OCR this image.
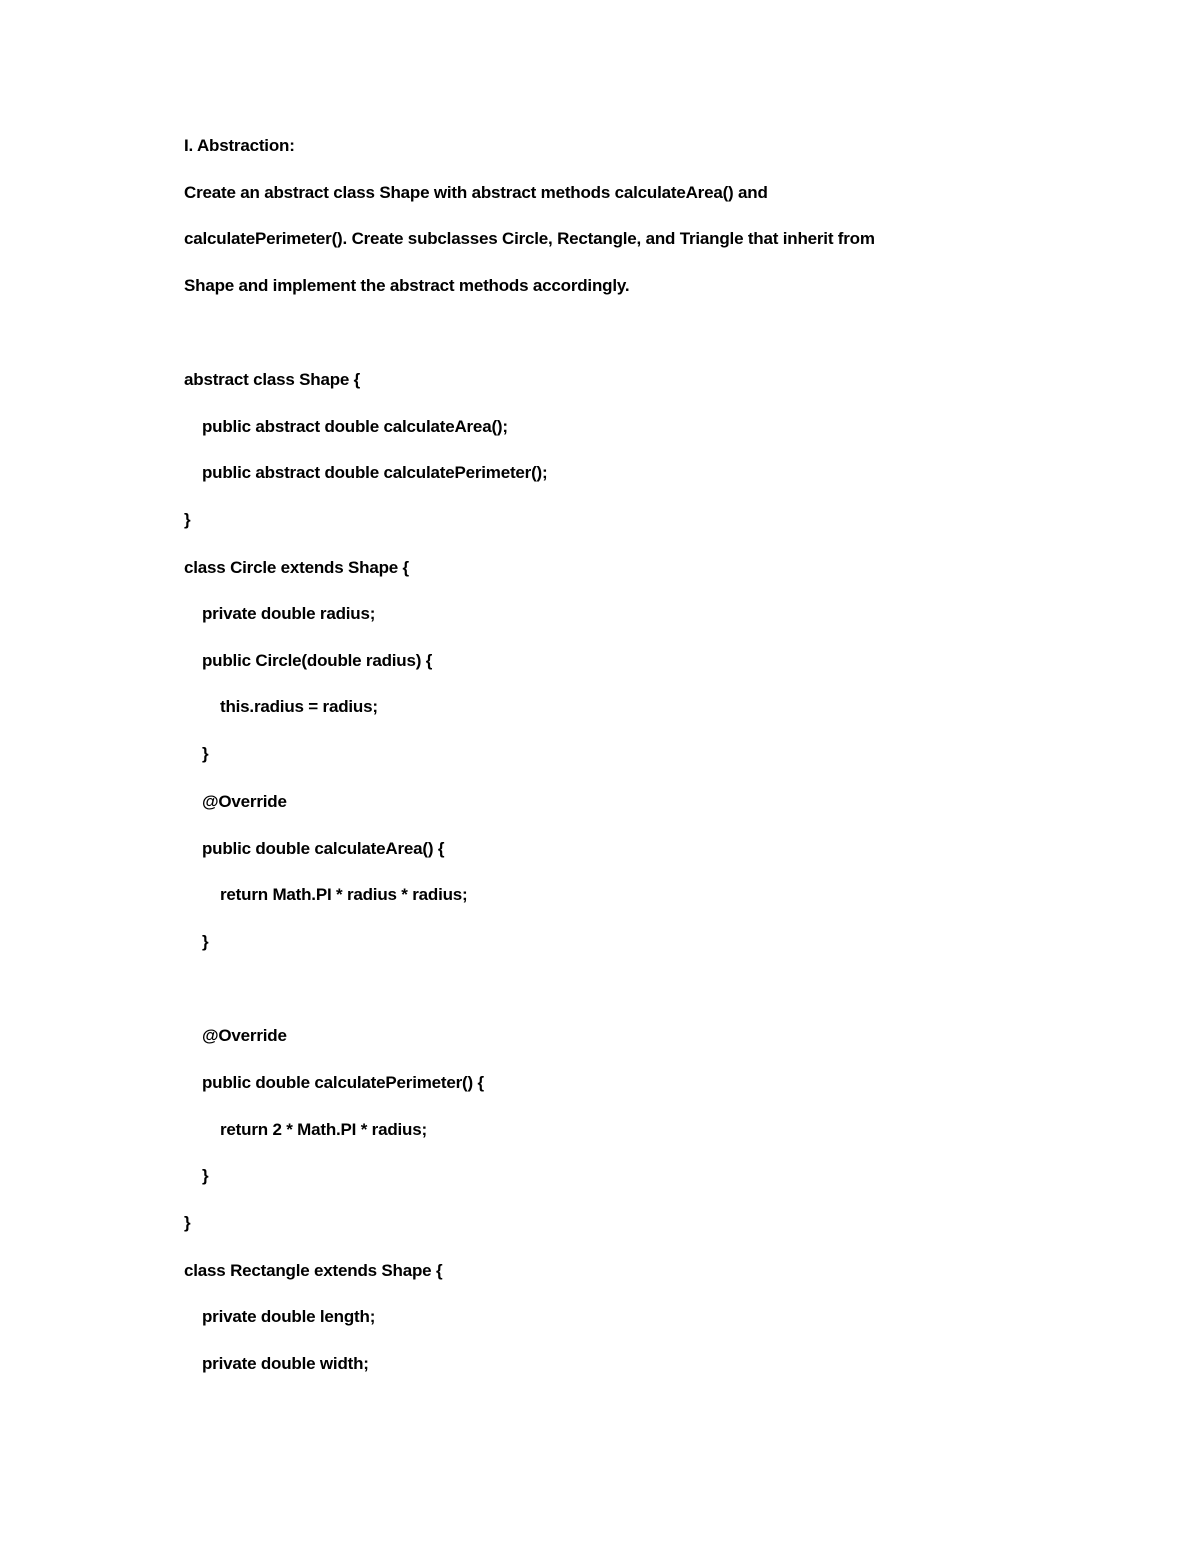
I. Abstraction:
Create an abstract class Shape with abstract methods calculateArea() and
calculatePerimeter(). Create subclasses Circle, Rectangle, and Triangle that inherit from
Shape and implement the abstract methods accordingly.
abstract class Shape {
public abstract double calculateArea();
public abstract double calculatePerimeter();
}
class Circle extends Shape {
private double radius;
public Circle(double radius) {
this.radius = radius;
}
@Override
public double calculateArea() {
return Math.PI * radius * radius;
}
@Override
public double calculatePerimeter() {
return 2 * Math.PI * radius;
}
}
class Rectangle extends Shape {
private double length;
private double width;
